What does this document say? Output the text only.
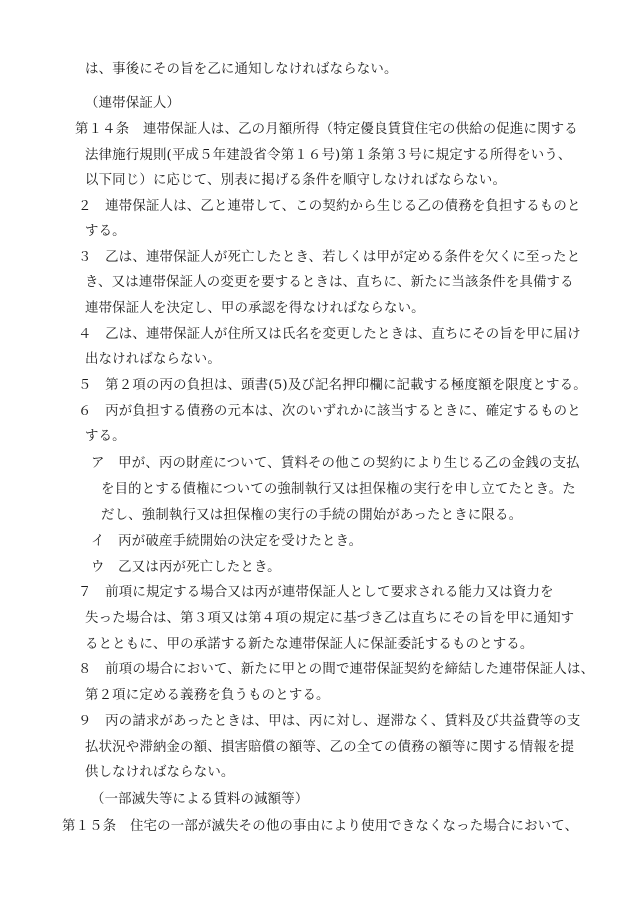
は、事後にその旨を乙に通知しなければならない。
（連帯保証人）
第１４条　連帯保証人は、乙の月額所得（特定優良賃貸住宅の供給の促進に関する
法律施行規則(平成５年建設省令第１６号)第１条第３号に規定する所得をいう、
以下同じ）に応じて、別表に掲げる条件を順守しなければならない。
２　連帯保証人は、乙と連帯して、この契約から生じる乙の債務を負担するものと
する。
３　乙は、連帯保証人が死亡したとき、若しくは甲が定める条件を欠くに至ったと
き、又は連帯保証人の変更を要するときは、直ちに、新たに当該条件を具備する
連帯保証人を決定し、甲の承認を得なければならない。
４　乙は、連帯保証人が住所又は氏名を変更したときは、直ちにその旨を甲に届け
出なければならない。
５　第２項の丙の負担は、頭書(5)及び記名押印欄に記載する極度額を限度とする。
６　丙が負担する債務の元本は、次のいずれかに該当するときに、確定するものと
する。
ア　甲が、丙の財産について、賃料その他この契約により生じる乙の金銭の支払
を目的とする債権についての強制執行又は担保権の実行を申し立てたとき。た
だし、強制執行又は担保権の実行の手続の開始があったときに限る。
イ　丙が破産手続開始の決定を受けたとき。
ウ　乙又は丙が死亡したとき。
７　前項に規定する場合又は丙が連帯保証人として要求される能力又は資力を
失った場合は、第３項又は第４項の規定に基づき乙は直ちにその旨を甲に通知す
るとともに、甲の承諾する新たな連帯保証人に保証委託するものとする。
８　前項の場合において、新たに甲との間で連帯保証契約を締結した連帯保証人は、
第２項に定める義務を負うものとする。
９　丙の請求があったときは、甲は、丙に対し、遅滞なく、賃料及び共益費等の支
払状況や滞納金の額、損害賠償の額等、乙の全ての債務の額等に関する情報を提
供しなければならない。
（一部滅失等による賃料の減額等）
第１５条　住宅の一部が滅失その他の事由により使用できなくなった場合において、
